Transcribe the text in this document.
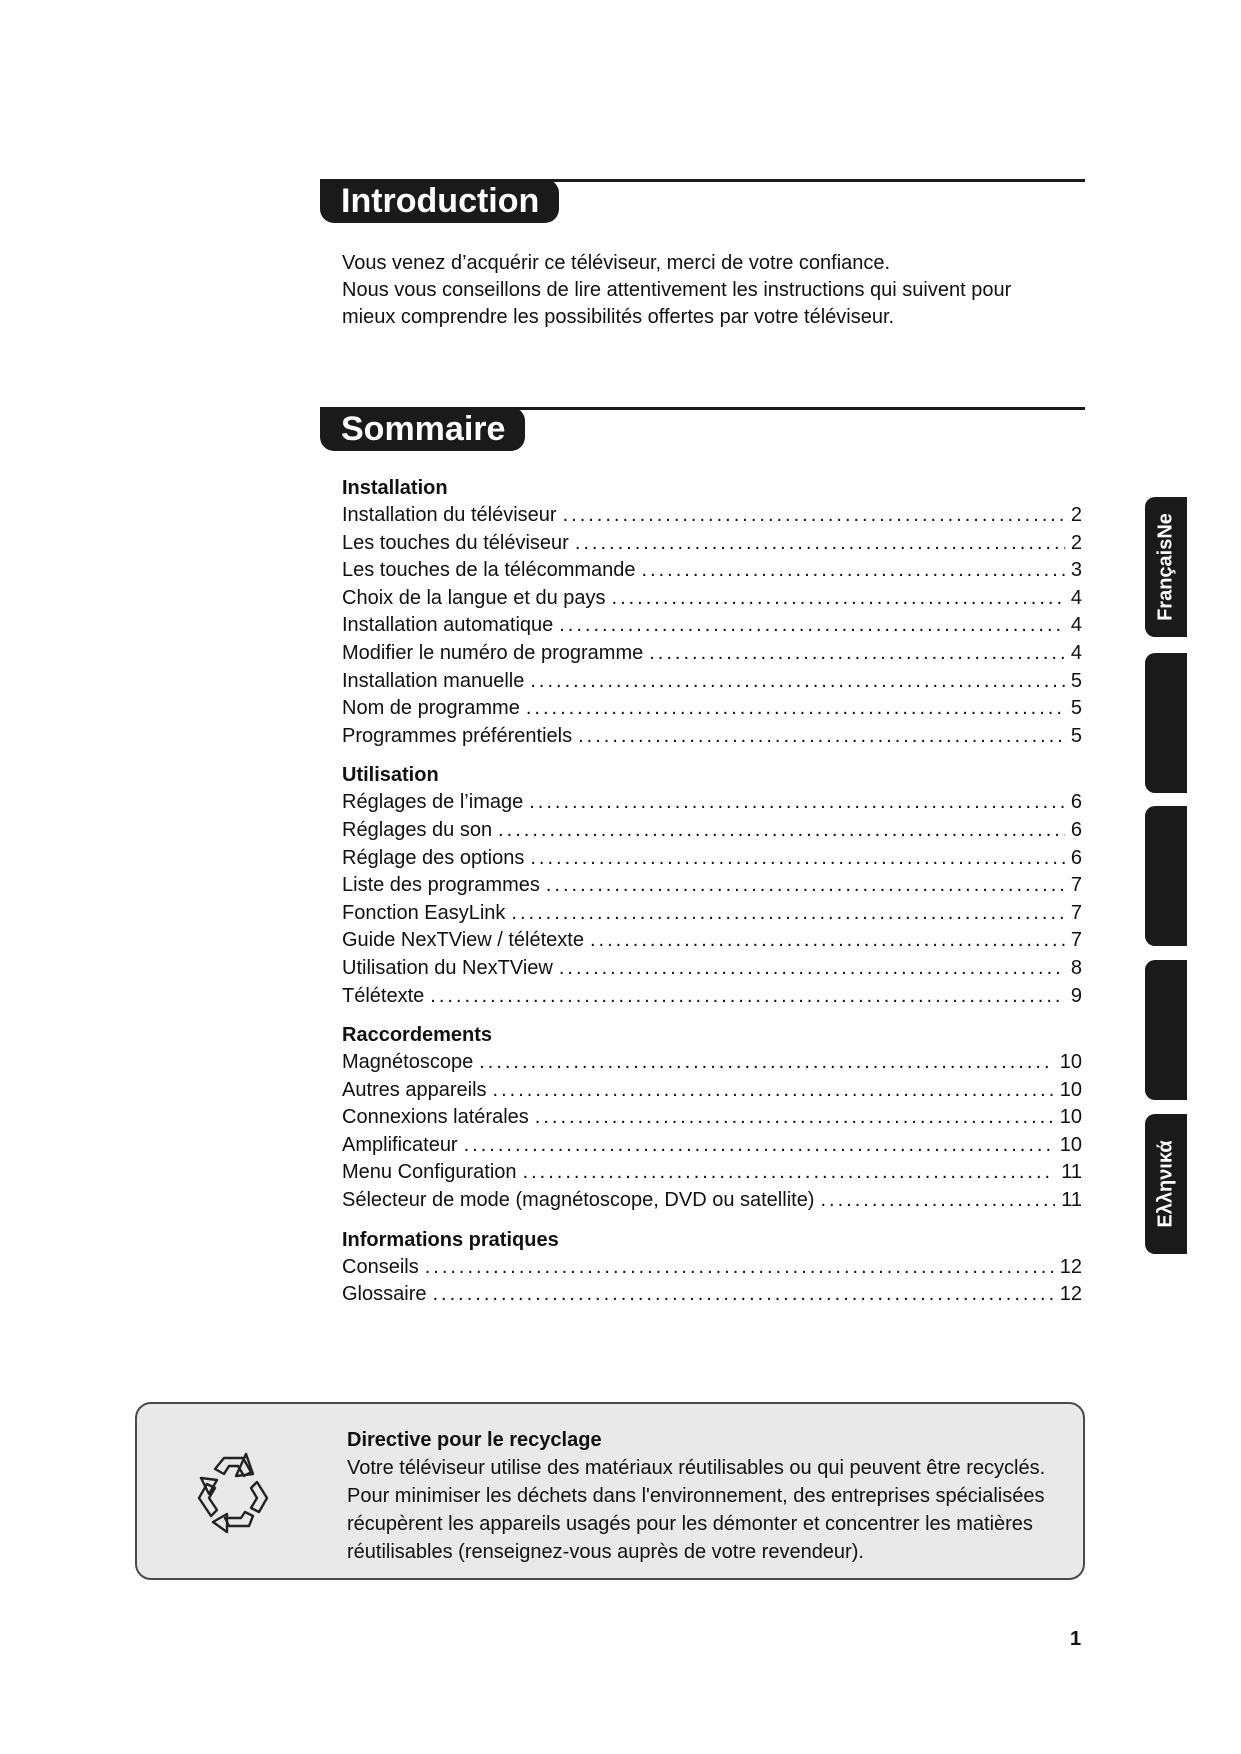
Introduction
Vous venez d’acquérir ce téléviseur, merci de votre confiance.
Nous vous conseillons de lire attentivement les instructions qui suivent pour
mieux comprendre les possibilités offertes par votre téléviseur.
Sommaire
Installation
Installation du téléviseur .....	2
Les touches du téléviseur .....	2
Les touches de la télécommande .....	3
Choix de la langue et du pays .....	4
Installation automatique .....	4
Modifier le numéro de programme .....	4
Installation manuelle .....	5
Nom de programme .....	5
Programmes préférentiels .....	5
Utilisation
Réglages de l’image .....	6
Réglages du son .....	6
Réglage des options .....	6
Liste des programmes .....	7
Fonction EasyLink .....	7
Guide NexTView / télétexte .....	7
Utilisation du NexTView .....	8
Télétexte .....	9
Raccordements
Magnétoscope .....	10
Autres appareils .....	10
Connexions latérales .....	10
Amplificateur .....	10
Menu Configuration .....	11
Sélecteur de mode (magnétoscope, DVD ou satellite) .....	11
Informations pratiques
Conseils .....	12
Glossaire .....	12
FrançaisNe
Ελληνικά
Directive pour le recyclage
Votre téléviseur utilise des matériaux réutilisables ou qui peuvent être recyclés.
Pour minimiser les déchets dans l'environnement, des entreprises spécialisées
récupèrent les appareils usagés pour les démonter et concentrer les matières
réutilisables (renseignez-vous auprès de votre revendeur).
1
